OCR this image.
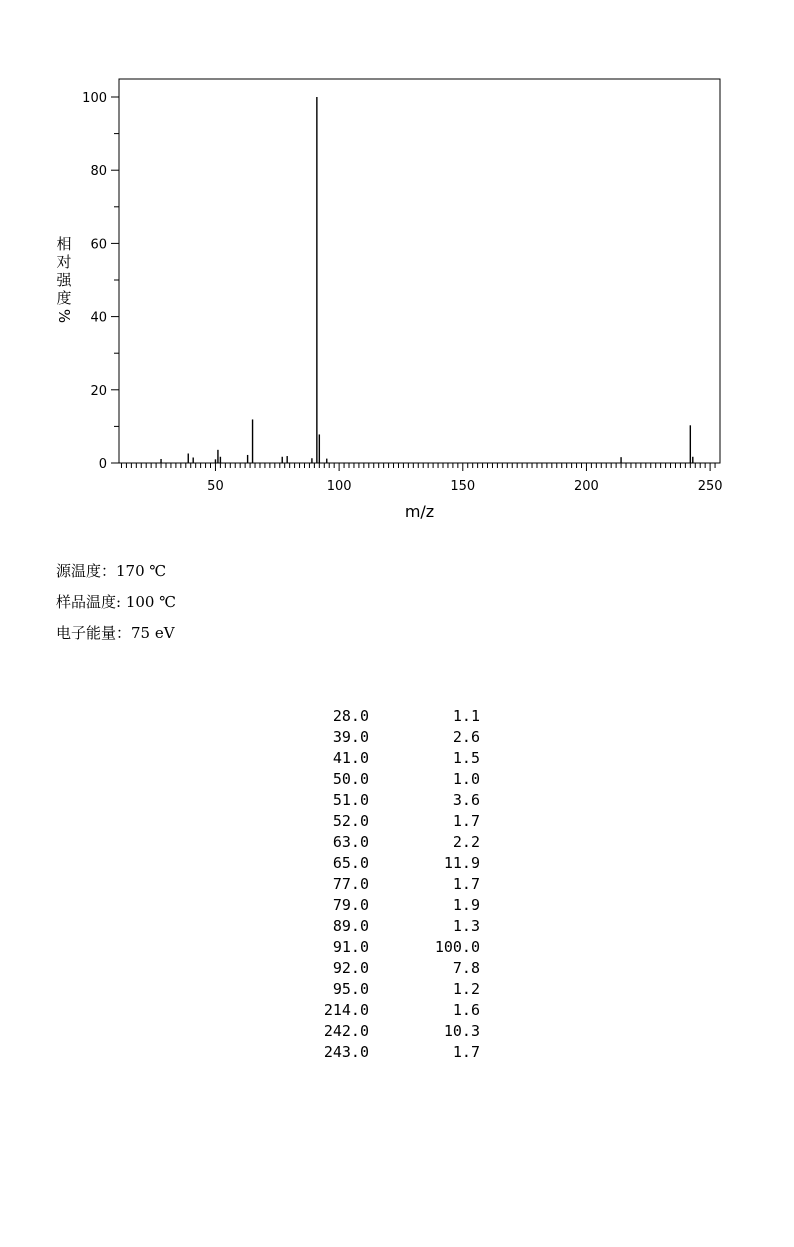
50	100	150	200	250
0
20
40
60
80
100
m/z
相
对
强
度
%
源温度：170 ℃
样品温度: 100 ℃
电子能量：75 eV
28.0	1.1
39.0	2.6
41.0	1.5
50.0	1.0
51.0	3.6
52.0	1.7
63.0	2.2
65.0	11.9
77.0	1.7
79.0	1.9
89.0	1.3
91.0	100.0
92.0	7.8
95.0	1.2
214.0	1.6
242.0	10.3
243.0	1.7
